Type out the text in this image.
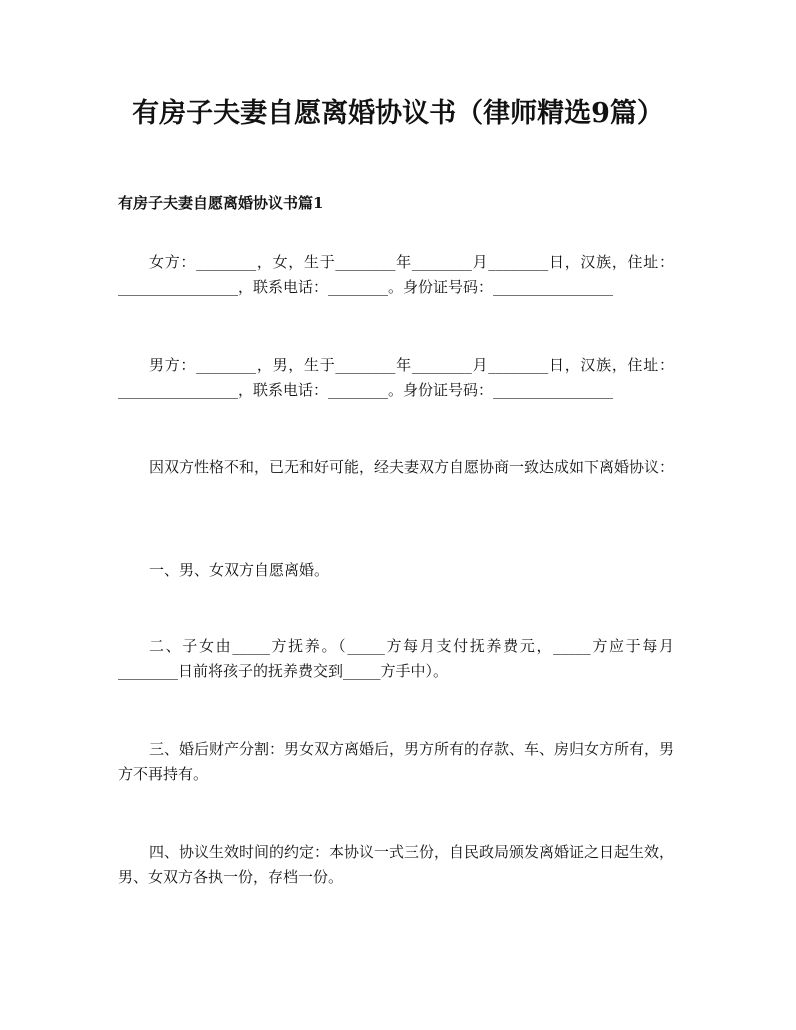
有房子夫妻自愿离婚协议书（律师精选9篇）
有房子夫妻自愿离婚协议书篇1

女方：________，女，生于________年________月________日，汉族，住址：________________，联系电话：________。身份证号码：________________

男方：________，男，生于________年________月________日，汉族，住址：________________，联系电话：________。身份证号码：________________

因双方性格不和，已无和好可能，经夫妻双方自愿协商一致达成如下离婚协议：

一、男、女双方自愿离婚。

二、子女由_____方抚养。（_____方每月支付抚养费元，_____方应于每月________日前将孩子的抚养费交到_____方手中）。

三、婚后财产分割：男女双方离婚后，男方所有的存款、车、房归女方所有，男方不再持有。

四、协议生效时间的约定：本协议一式三份，自民政局颁发离婚证之日起生效，男、女双方各执一份，存档一份。
